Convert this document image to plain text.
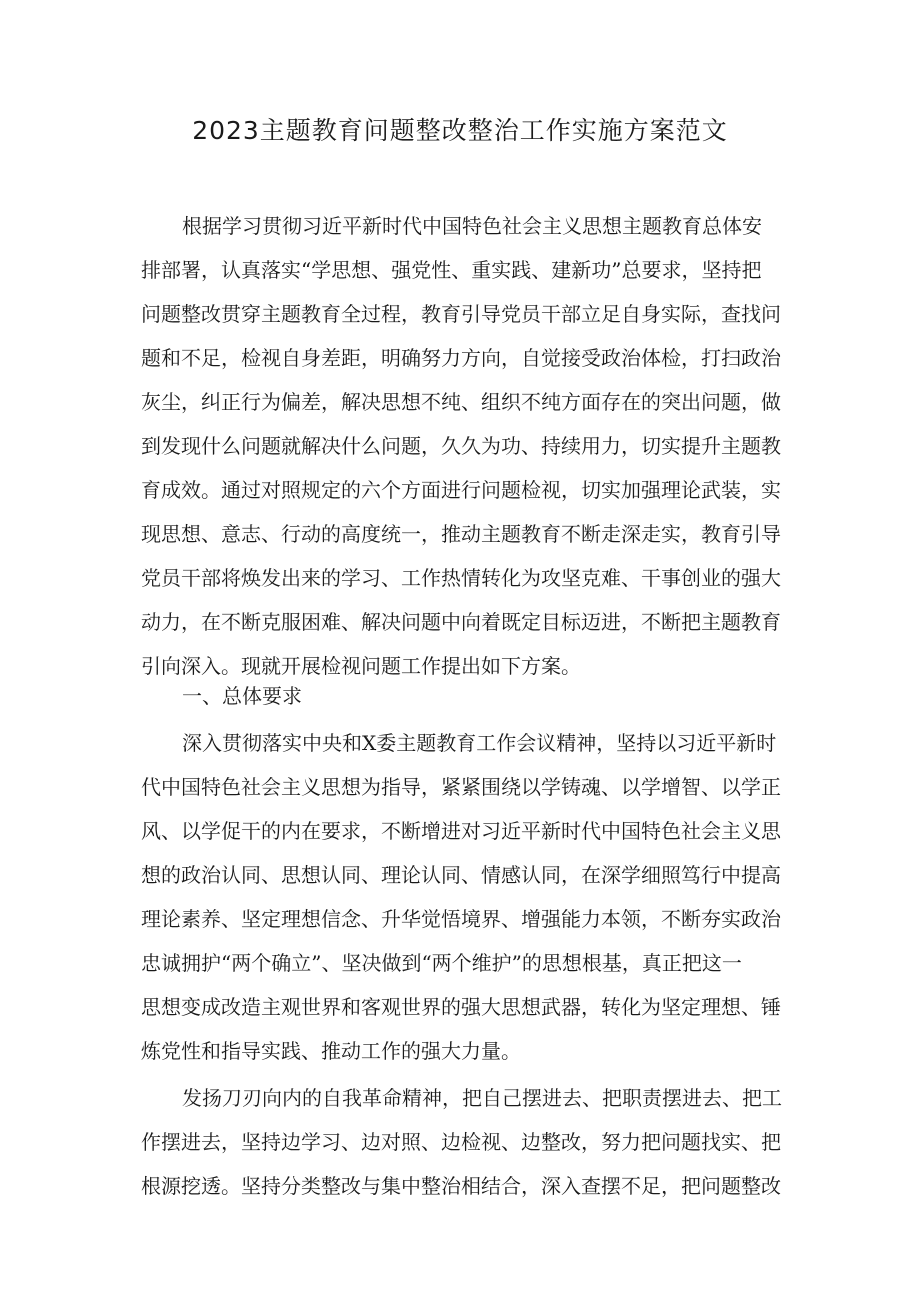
2023主题教育问题整改整治工作实施方案范文

根据学习贯彻习近平新时代中国特色社会主义思想主题教育总体安

排部署，认真落实“学思想、强党性、重实践、建新功”总要求，坚持把

问题整改贯穿主题教育全过程，教育引导党员干部立足自身实际，查找问

题和不足，检视自身差距，明确努力方向，自觉接受政治体检，打扫政治

灰尘，纠正行为偏差，解决思想不纯、组织不纯方面存在的突出问题，做

到发现什么问题就解决什么问题，久久为功、持续用力，切实提升主题教

育成效。通过对照规定的六个方面进行问题检视，切实加强理论武装，实

现思想、意志、行动的高度统一，推动主题教育不断走深走实，教育引导

党员干部将焕发出来的学习、工作热情转化为攻坚克难、干事创业的强大

动力，在不断克服困难、解决问题中向着既定目标迈进，不断把主题教育

引向深入。现就开展检视问题工作提出如下方案。

一、总体要求

深入贯彻落实中央和X委主题教育工作会议精神，坚持以习近平新时

代中国特色社会主义思想为指导，紧紧围绕以学铸魂、以学增智、以学正

风、以学促干的内在要求，不断增进对习近平新时代中国特色社会主义思

想的政治认同、思想认同、理论认同、情感认同，在深学细照笃行中提高

理论素养、坚定理想信念、升华觉悟境界、增强能力本领，不断夯实政治

忠诚拥护“两个确立”、坚决做到“两个维护”的思想根基，真正把这一

思想变成改造主观世界和客观世界的强大思想武器，转化为坚定理想、锤

炼党性和指导实践、推动工作的强大力量。

发扬刀刃向内的自我革命精神，把自己摆进去、把职责摆进去、把工

作摆进去，坚持边学习、边对照、边检视、边整改，努力把问题找实、把

根源挖透。坚持分类整改与集中整治相结合，深入查摆不足，把问题整改
